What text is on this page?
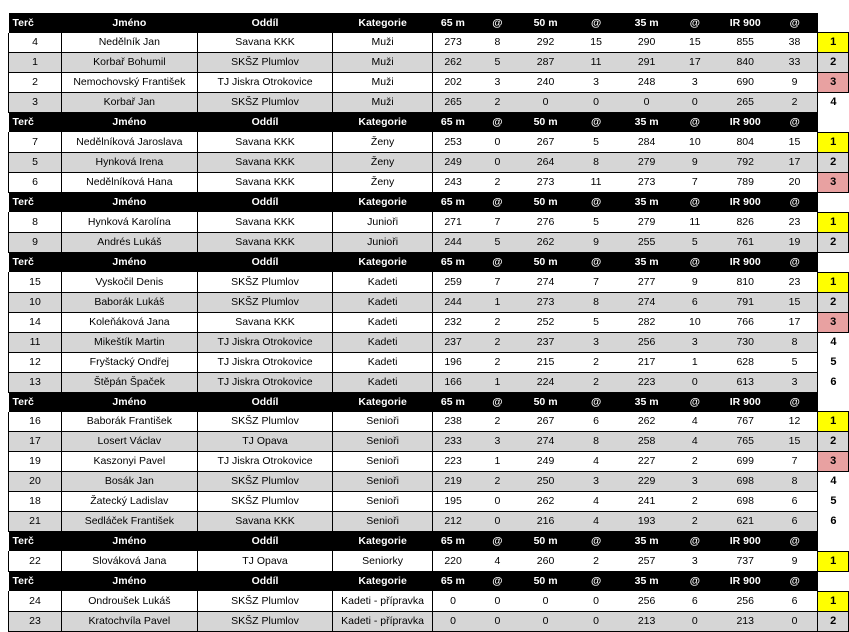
Terč	Jméno	Oddíl	Kategorie	65 m	@	50 m	@	35 m	@	IR 900	@	
4	Nedělník Jan	Savana KKK	Muži	273	8	292	15	290	15	855	38	1
1	Korbař Bohumil	SKŠZ Plumlov	Muži	262	5	287	11	291	17	840	33	2
2	Nemochovský František	TJ Jiskra Otrokovice	Muži	202	3	240	3	248	3	690	9	3
3	Korbař Jan	SKŠZ Plumlov	Muži	265	2	0	0	0	0	265	2	4
Terč	Jméno	Oddíl	Kategorie	65 m	@	50 m	@	35 m	@	IR 900	@	
7	Nedělníková Jaroslava	Savana KKK	Ženy	253	0	267	5	284	10	804	15	1
5	Hynková Irena	Savana KKK	Ženy	249	0	264	8	279	9	792	17	2
6	Nedělníková Hana	Savana KKK	Ženy	243	2	273	11	273	7	789	20	3
Terč	Jméno	Oddíl	Kategorie	65 m	@	50 m	@	35 m	@	IR 900	@	
8	Hynková Karolína	Savana KKK	Junioři	271	7	276	5	279	11	826	23	1
9	Andrés Lukáš	Savana KKK	Junioři	244	5	262	9	255	5	761	19	2
Terč	Jméno	Oddíl	Kategorie	65 m	@	50 m	@	35 m	@	IR 900	@	
15	Vyskočil Denis	SKŠZ Plumlov	Kadeti	259	7	274	7	277	9	810	23	1
10	Baborák Lukáš	SKŠZ Plumlov	Kadeti	244	1	273	8	274	6	791	15	2
14	Koleňáková Jana	Savana KKK	Kadeti	232	2	252	5	282	10	766	17	3
11	Mikeštík Martin	TJ Jiskra Otrokovice	Kadeti	237	2	237	3	256	3	730	8	4
12	Fryštacký Ondřej	TJ Jiskra Otrokovice	Kadeti	196	2	215	2	217	1	628	5	5
13	Štěpán Špaček	TJ Jiskra Otrokovice	Kadeti	166	1	224	2	223	0	613	3	6
Terč	Jméno	Oddíl	Kategorie	65 m	@	50 m	@	35 m	@	IR 900	@	
16	Baborák František	SKŠZ Plumlov	Senioři	238	2	267	6	262	4	767	12	1
17	Losert Václav	TJ Opava	Senioři	233	3	274	8	258	4	765	15	2
19	Kaszonyi Pavel	TJ Jiskra Otrokovice	Senioři	223	1	249	4	227	2	699	7	3
20	Bosák Jan	SKŠZ Plumlov	Senioři	219	2	250	3	229	3	698	8	4
18	Žatecký Ladislav	SKŠZ Plumlov	Senioři	195	0	262	4	241	2	698	6	5
21	Sedláček František	Savana KKK	Senioři	212	0	216	4	193	2	621	6	6
Terč	Jméno	Oddíl	Kategorie	65 m	@	50 m	@	35 m	@	IR 900	@	
22	Slováková Jana	TJ Opava	Seniorky	220	4	260	2	257	3	737	9	1
Terč	Jméno	Oddíl	Kategorie	65 m	@	50 m	@	35 m	@	IR 900	@	
24	Ondroušek Lukáš	SKŠZ Plumlov	Kadeti - přípravka	0	0	0	0	256	6	256	6	1
23	Kratochvíla Pavel	SKŠZ Plumlov	Kadeti - přípravka	0	0	0	0	213	0	213	0	2
